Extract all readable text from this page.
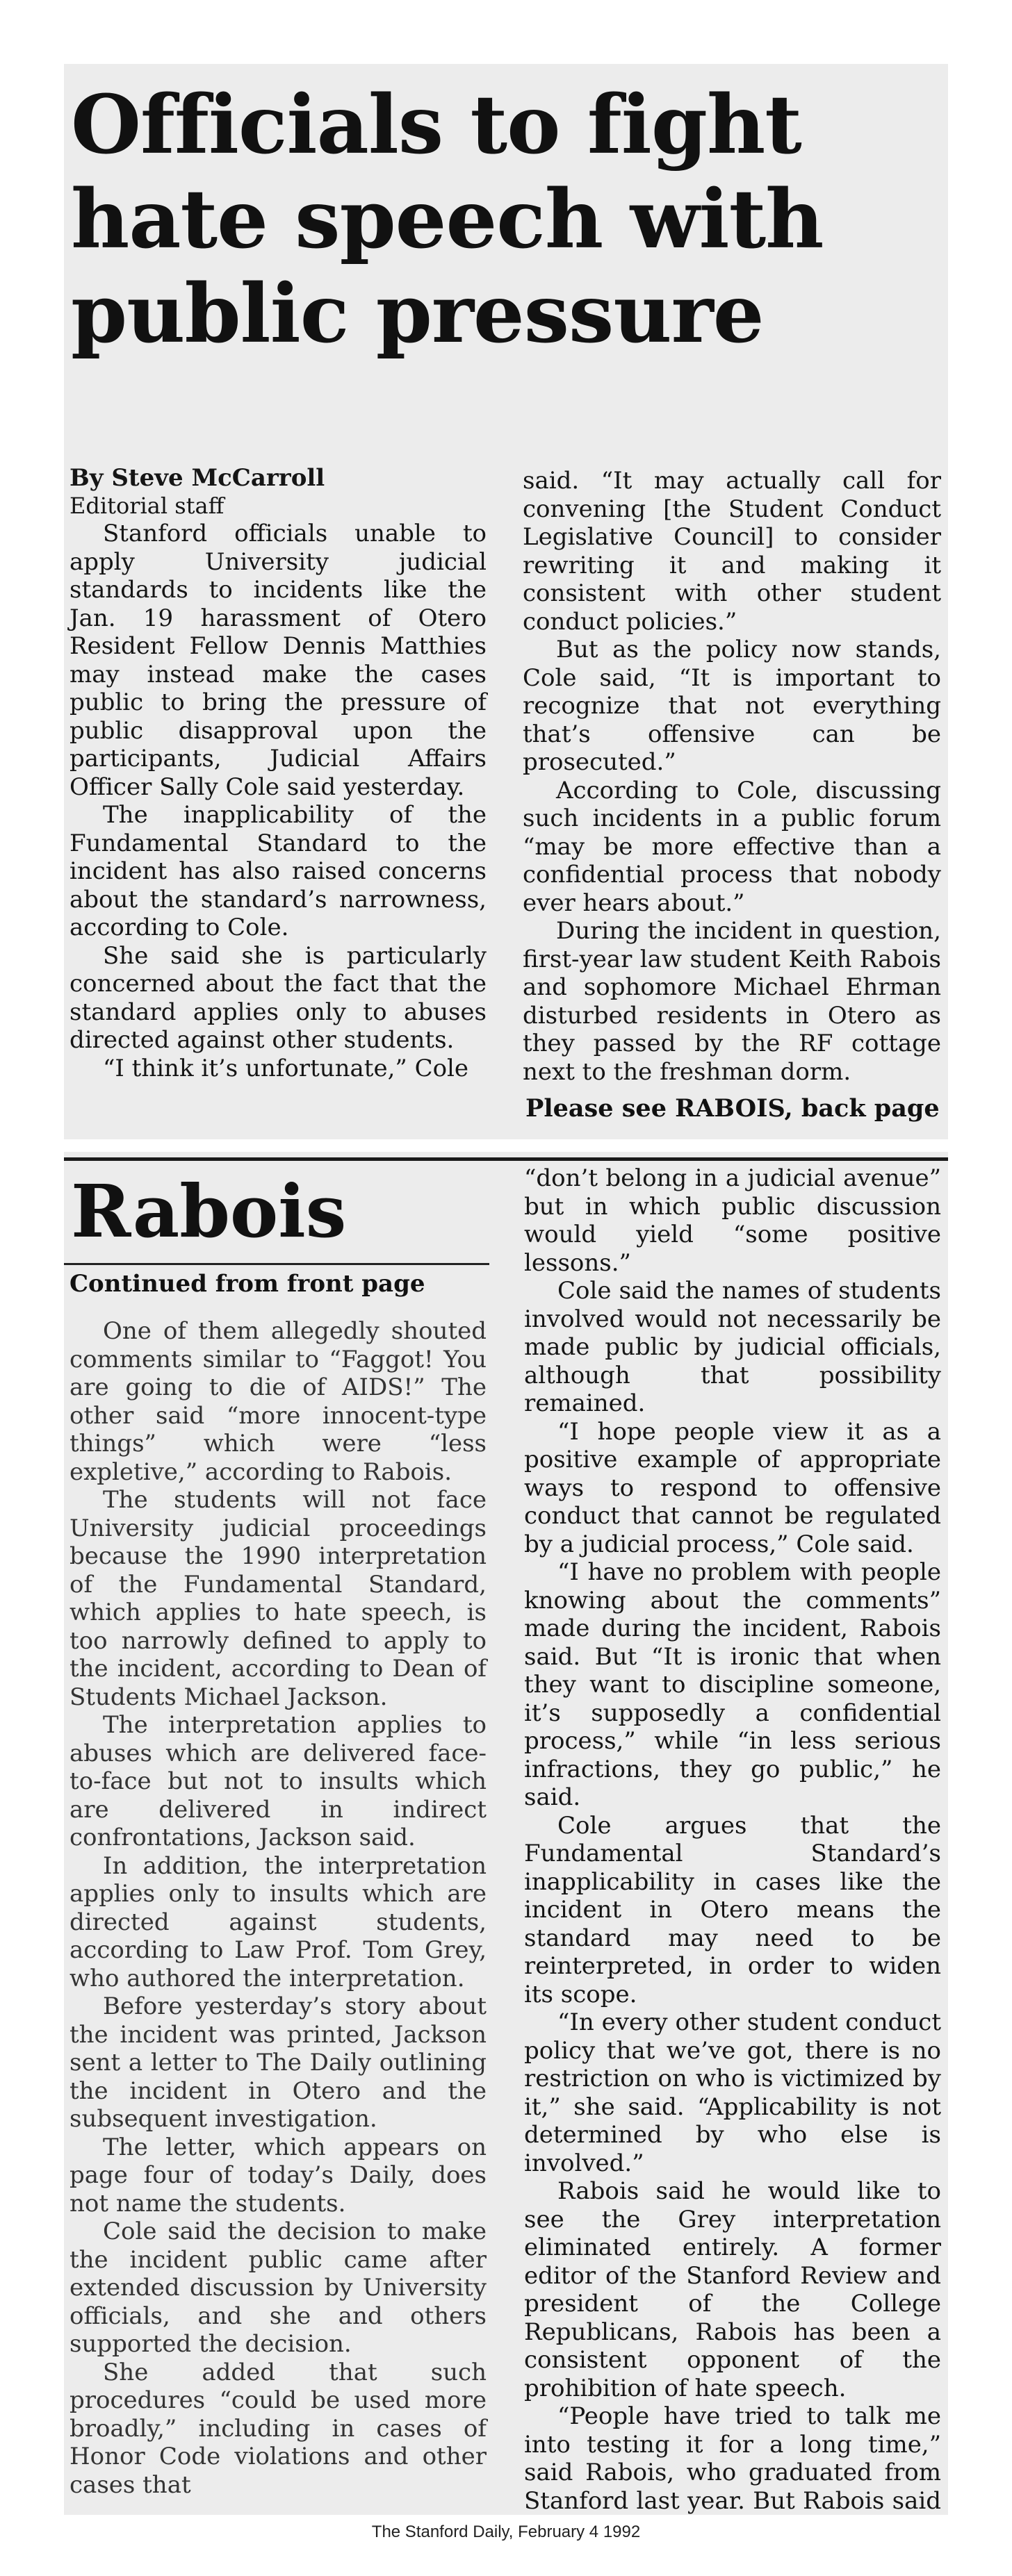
Officials to fight hate speech with public pressure

By Steve McCarroll

Editorial staff

Stanford officials unable to apply University judicial standards to incidents like the Jan. 19 harassment of Otero Resident Fellow Dennis Matthies may instead make the cases public to bring the pressure of public disapproval upon the participants, Judicial Affairs Officer Sally Cole said yesterday.

The inapplicability of the Fundamental Standard to the incident has also raised concerns about the standard’s narrowness, according to Cole.

She said she is particularly concerned about the fact that the standard applies only to abuses directed against other students.

“I think it’s unfortunate,” Cole

said. “It may actually call for convening [the Student Conduct Legislative Council] to consider rewriting it and making it consistent with other student conduct policies.”

But as the policy now stands, Cole said, “It is important to recognize that not everything that’s offensive can be prosecuted.”

According to Cole, discussing such incidents in a public forum “may be more effective than a confidential process that nobody ever hears about.”

During the incident in question, first-year law student Keith Rabois and sophomore Michael Ehrman disturbed residents in Otero as they passed by the RF cottage next to the freshman dorm.

Please see RABOIS, back page

Rabois

Continued from front page

One of them allegedly shouted comments similar to “Faggot! You are going to die of AIDS!” The other said “more innocent-type things” which were “less expletive,” according to Rabois.

The students will not face University judicial proceedings because the 1990 interpretation of the Fundamental Standard, which applies to hate speech, is too narrowly defined to apply to the incident, according to Dean of Students Michael Jackson.

The interpretation applies to abuses which are delivered face-to-face but not to insults which are delivered in indirect confrontations, Jackson said.

In addition, the interpretation applies only to insults which are directed against students, according to Law Prof. Tom Grey, who authored the interpretation.

Before yesterday’s story about the incident was printed, Jackson sent a letter to The Daily outlining the incident in Otero and the subsequent investigation.

The letter, which appears on page four of today’s Daily, does not name the students.

Cole said the decision to make the incident public came after extended discussion by University officials, and she and others supported the decision.

She added that such procedures “could be used more broadly,” including in cases of Honor Code violations and other cases that

“don’t belong in a judicial avenue” but in which public discussion would yield “some positive lessons.”

Cole said the names of students involved would not necessarily be made public by judicial officials, although that possibility remained.

“I hope people view it as a positive example of appropriate ways to respond to offensive conduct that cannot be regulated by a judicial process,” Cole said.

“I have no problem with people knowing about the comments” made during the incident, Rabois said. But “It is ironic that when they want to discipline someone, it’s supposedly a confidential process,” while “in less serious infractions, they go public,” he said.

Cole argues that the Fundamental Standard’s inapplicability in cases like the incident in Otero means the standard may need to be reinterpreted, in order to widen its scope.

“In every other student conduct policy that we’ve got, there is no restriction on who is victimized by it,” she said. “Applicability is not determined by who else is involved.”

Rabois said he would like to see the Grey interpretation eliminated entirely. A former editor of the Stanford Review and president of the College Republicans, Rabois has been a consistent opponent of the prohibition of hate speech.

“People have tried to talk me into testing it for a long time,” said Rabois, who graduated from Stanford last year. But Rabois said

The Stanford Daily, February 4 1992
